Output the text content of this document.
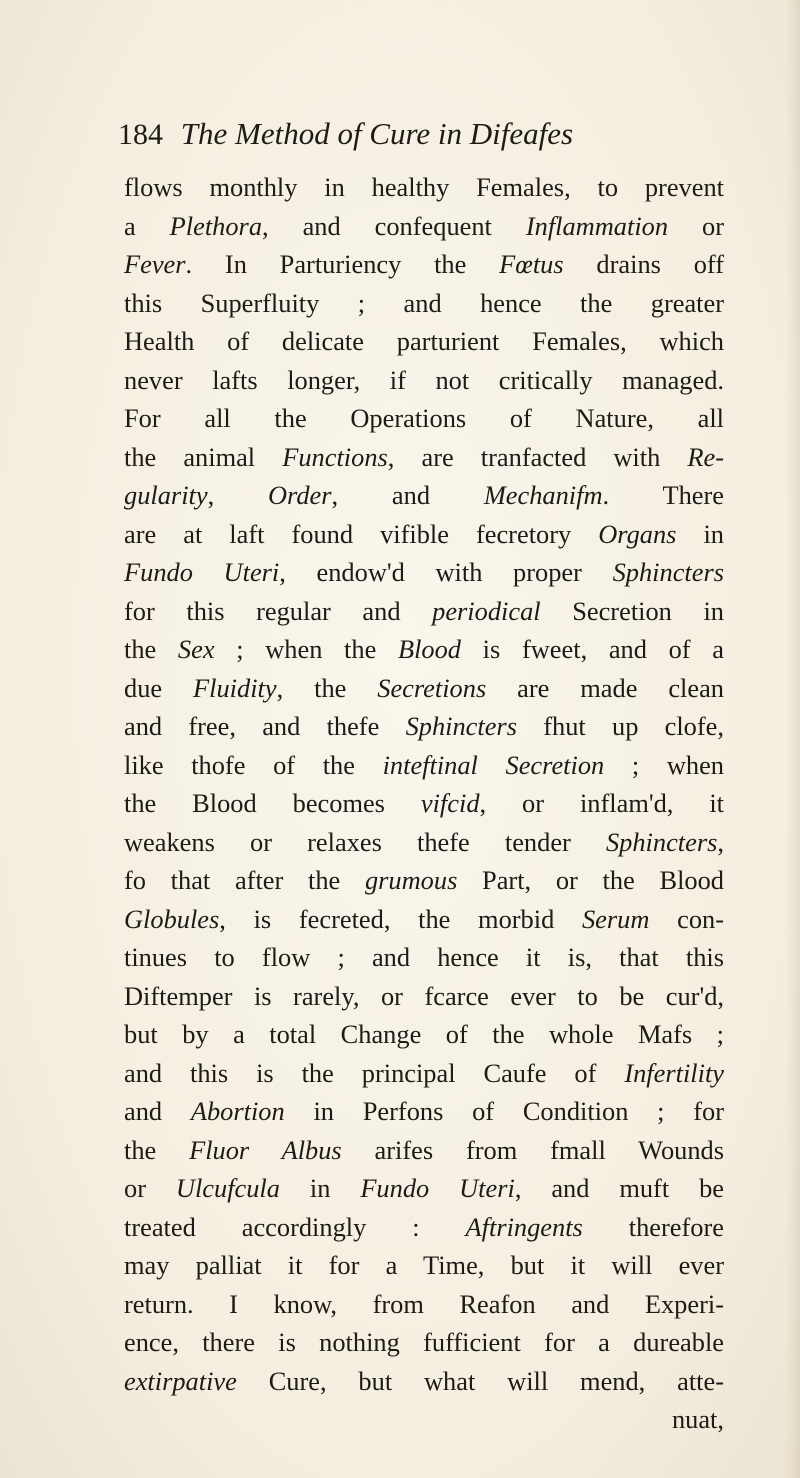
184 The Method of Cure in Difeafes
flows monthly in healthy Females, to prevent
a Plethora, and confequent Inflammation or
Fever. In Parturiency the Fœtus drains off
this Superfluity ; and hence the greater
Health of delicate parturient Females, which
never lafts longer, if not critically managed.
For all the Operations of Nature, all
the animal Functions, are tranfacted with Re-
gularity, Order, and Mechanifm. There
are at laft found vifible fecretory Organs in
Fundo Uteri, endow'd with proper Sphincters
for this regular and periodical Secretion in
the Sex ; when the Blood is fweet, and of a
due Fluidity, the Secretions are made clean
and free, and thefe Sphincters fhut up clofe,
like thofe of the inteftinal Secretion ; when
the Blood becomes vifcid, or inflam'd, it
weakens or relaxes thefe tender Sphincters,
fo that after the grumous Part, or the Blood
Globules, is fecreted, the morbid Serum con-
tinues to flow ; and hence it is, that this
Diftemper is rarely, or fcarce ever to be cur'd,
but by a total Change of the whole Mafs ;
and this is the principal Caufe of Infertility
and Abortion in Perfons of Condition ; for
the Fluor Albus arifes from fmall Wounds
or Ulcufcula in Fundo Uteri, and muft be
treated accordingly : Aftringents therefore
may palliat it for a Time, but it will ever
return. I know, from Reafon and Experi-
ence, there is nothing fufficient for a dureable
extirpative Cure, but what will mend, atte-
nuat,
